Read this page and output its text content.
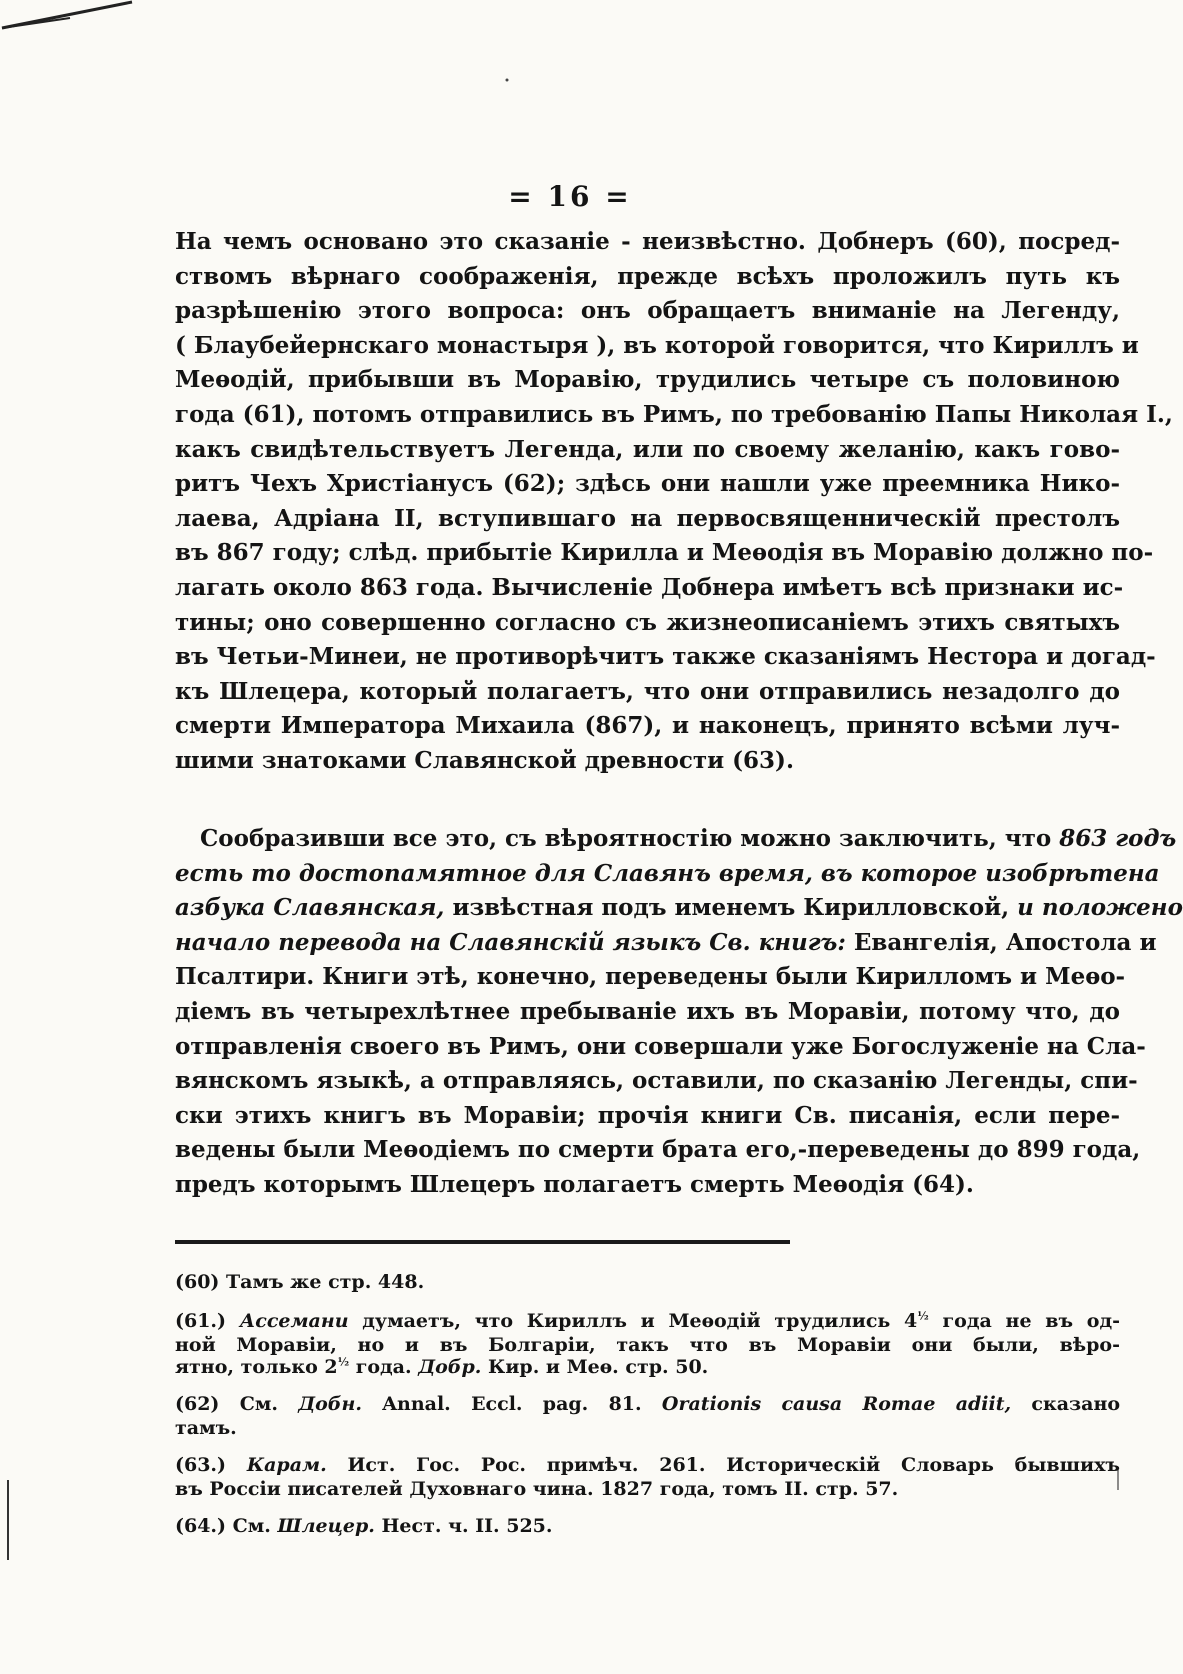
= 16 =
На чемъ основано это сказаніе - неизвѣстно. Добнеръ (60), посред-
ствомъ вѣрнаго соображенія, прежде всѣхъ проложилъ путь къ
разрѣшенію этого вопроса: онъ обращаетъ вниманіе на Легенду,
( Блаубейернскаго монастыря ), въ которой говорится, что Кириллъ и
Меѳодій, прибывши въ Моравію, трудились четыре съ половиною
года (61), потомъ отправились въ Римъ, по требованію Папы Николая I.,
какъ свидѣтельствуетъ Легенда, или по своему желанію, какъ гово-
ритъ Чехъ Христіанусъ (62); здѣсь они нашли уже преемника Нико-
лаева, Адріана II, вступившаго на первосвященническій престолъ
въ 867 году; слѣд. прибытіе Кирилла и Меѳодія въ Моравію должно по-
лагать около 863 года. Вычисленіе Добнера имѣетъ всѣ признаки ис-
тины; оно совершенно согласно съ жизнеописаніемъ этихъ святыхъ
въ Четьи-Минеи, не противорѣчитъ также сказаніямъ Нестора и догад-
къ Шлецера, который полагаетъ, что они отправились незадолго до
смерти Императора Михаила (867), и наконецъ, принято всѣми луч-
шими знатоками Славянской древности (63).
Сообразивши все это, съ вѣроятностію можно заключить, что 863 годъ
есть то достопамятное для Славянъ время, въ которое изобрѣтена
азбука Славянская, извѣстная подъ именемъ Кирилловской, и положено
начало перевода на Славянскій языкъ Св. книгъ: Евангелія, Апостола и
Псалтири. Книги этѣ, конечно, переведены были Кирилломъ и Меѳо-
діемъ въ четырехлѣтнее пребываніе ихъ въ Моравіи, потому что, до
отправленія своего въ Римъ, они совершали уже Богослуженіе на Сла-
вянскомъ языкѣ, а отправляясь, оставили, по сказанію Легенды, спи-
ски этихъ книгъ въ Моравіи; прочія книги Св. писанія, если пере-
ведены были Меѳодіемъ по смерти брата его,-переведены до 899 года,
предъ которымъ Шлецеръ полагаетъ смерть Меѳодія (64).
(60) Тамъ же стр. 448.
(61.) Ассемани думаетъ, что Кириллъ и Меѳодій трудились $4^{\frac{1}{2}}$ года не въ од-
ной Моравіи, но и въ Болгаріи, такъ что въ Моравіи они были, вѣро-
ятно, только $2^{\frac{1}{2}}$ года. Добр. Кир. и Меѳ. стр. 50.
(62) См. Добн. Annal. Eccl. pag. 81. Orationis causa Romae adiit, сказано
тамъ.
(63.) Карам. Ист. Гос. Рос. примѣч. 261. Историческій Словарь бывшихъ
въ Россіи писателей Духовнаго чина. 1827 года, томъ II. стр. 57.
(64.) См. Шлецер. Нест. ч. II. 525.
